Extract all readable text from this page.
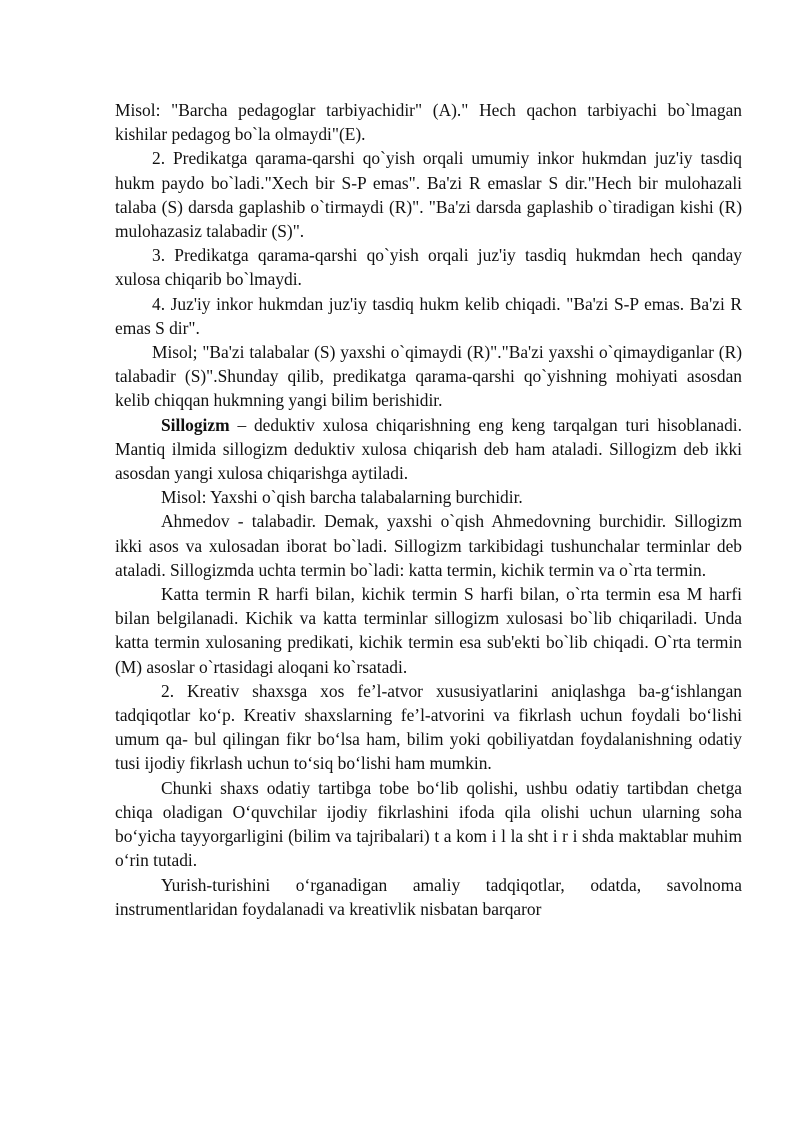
Misol: "Barcha pedagoglar tarbiyachidir" (A)." Hech qachon tarbiyachi bo`lmagan kishilar pedagog bo`la olmaydi"(E).

2. Predikatga qarama-qarshi qo`yish orqali umumiy inkor hukmdan juz'iy tasdiq hukm paydo bo`ladi."Xech bir S-P emas". Ba'zi R emaslar S dir."Hech bir mulohazali talaba (S) darsda gaplashib o`tirmaydi (R)". "Ba'zi darsda gaplashib o`tiradigan kishi (R) mulohazasiz talabadir (S)".

3. Predikatga qarama-qarshi qo`yish orqali juz'iy tasdiq hukmdan hech qanday xulosa chiqarib bo`lmaydi.

4. Juz'iy inkor hukmdan juz'iy tasdiq hukm kelib chiqadi. "Ba'zi S-P emas. Ba'zi R emas S dir".

Misol; "Ba'zi talabalar (S) yaxshi o`qimaydi (R)"."Ba'zi yaxshi o`qimaydiganlar (R) talabadir (S)".Shunday qilib, predikatga qarama-qarshi qo`yishning mohiyati asosdan kelib chiqqan hukmning yangi bilim berishidir.

Sillogizm – deduktiv xulosa chiqarishning eng keng tarqalgan turi hisoblanadi. Mantiq ilmida sillogizm deduktiv xulosa chiqarish deb ham ataladi. Sillogizm deb ikki asosdan yangi xulosa chiqarishga aytiladi.

Misol: Yaxshi o`qish barcha talabalarning burchidir.

Ahmedov - talabadir. Demak, yaxshi o`qish Ahmedovning burchidir. Sillogizm ikki asos va xulosadan iborat bo`ladi. Sillogizm tarkibidagi tushunchalar terminlar deb ataladi. Sillogizmda uchta termin bo`ladi: katta termin, kichik termin va o`rta termin.

Katta termin R harfi bilan, kichik termin S harfi bilan, o`rta termin esa M harfi bilan belgilanadi. Kichik va katta terminlar sillogizm xulosasi bo`lib chiqariladi. Unda katta termin xulosaning predikati, kichik termin esa sub'ekti bo`lib chiqadi. O`rta termin (M) asoslar o`rtasidagi aloqani ko`rsatadi.

2. Kreativ shaxsga xos fe’l-atvor xususiyatlarini aniqlashga ba-g‘ishlangan tadqiqotlar ko‘p. Kreativ shaxslarning fe’l-atvorini va fikrlash uchun foydali bo‘lishi umum qa- bul qilingan fikr bo‘lsa ham, bilim yoki qobiliyatdan foydalanishning odatiy tusi ijodiy fikrlash uchun to‘siq bo‘lishi ham mumkin.

Chunki shaxs odatiy tartibga tobe bo‘lib qolishi, ushbu odatiy tartibdan chetga chiqa oladigan O‘quvchilar ijodiy fikrlashini ifoda qila olishi uchun ularning soha bo‘yicha tayyorgarligini (bilim va tajribalari) t a kom i l la sht i r i shda maktablar muhim o‘rin tutadi.

Yurish-turishini o‘rganadigan amaliy tadqiqotlar, odatda, savolnoma instrumentlaridan foydalanadi va kreativlik nisbatan barqaror
